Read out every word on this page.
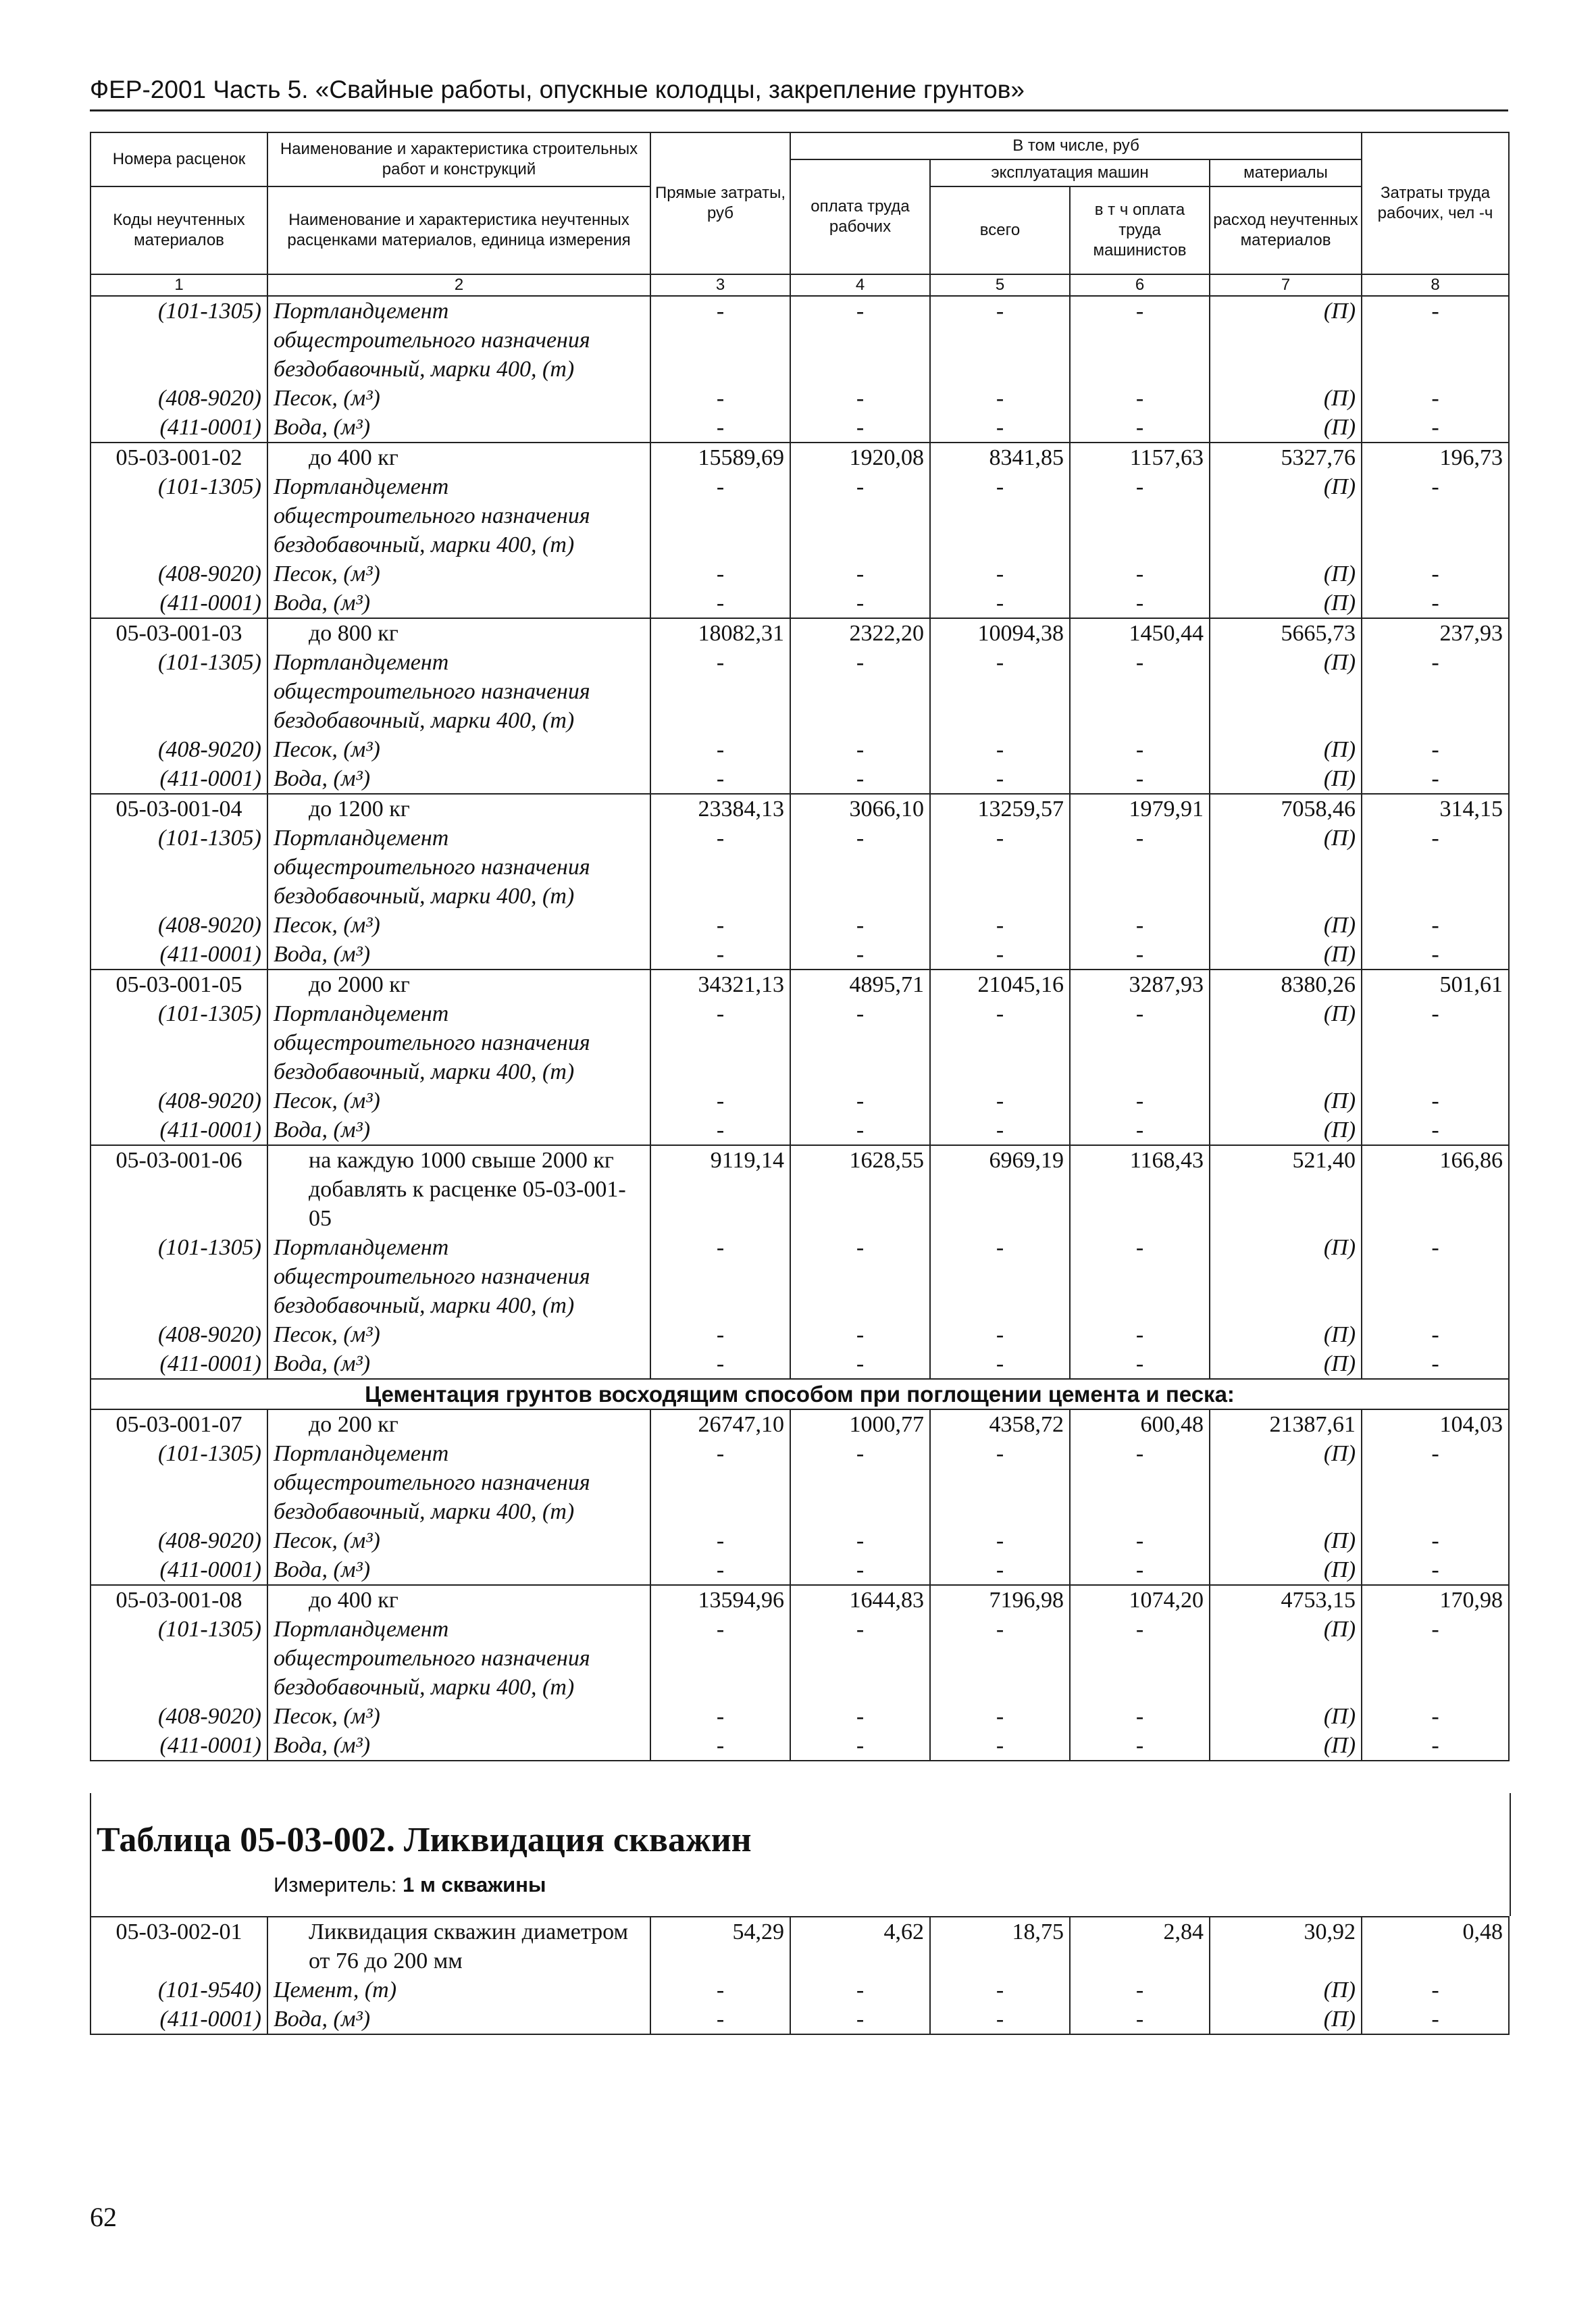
ФЕР-2001 Часть 5. «Свайные работы, опускные колодцы, закрепление грунтов»
Номера расценок	Наименование и характеристика строительных работ и конструкций	Прямые затраты, руб	В том числе, руб				Затраты труда рабочих, чел -ч
			оплата труда рабочих	эксплуатация машин		материалы	
Коды неучтенных материалов	Наименование и характеристика неучтенных расценками материалов, единица измерения			всего	в т ч оплата труда машинистов	расход неучтенных материалов	

1	2	3	4	5	6	7	8
(101-1305)	Портландцемент общестроительного назначения бездобавочный, марки 400, (т)	-	-	-	-	(П)	-
(408-9020)	Песок, (м³)	-	-	-	-	(П)	-
(411-0001)	Вода, (м³)	-	-	-	-	(П)	-
05-03-001-02	до 400 кг	15589,69	1920,08	8341,85	1157,63	5327,76	196,73
(101-1305)	Портландцемент общестроительного назначения бездобавочный, марки 400, (т)	-	-	-	-	(П)	-
(408-9020)	Песок, (м³)	-	-	-	-	(П)	-
(411-0001)	Вода, (м³)	-	-	-	-	(П)	-
05-03-001-03	до 800 кг	18082,31	2322,20	10094,38	1450,44	5665,73	237,93
(101-1305)	Портландцемент общестроительного назначения бездобавочный, марки 400, (т)	-	-	-	-	(П)	-
(408-9020)	Песок, (м³)	-	-	-	-	(П)	-
(411-0001)	Вода, (м³)	-	-	-	-	(П)	-
05-03-001-04	до 1200 кг	23384,13	3066,10	13259,57	1979,91	7058,46	314,15
(101-1305)	Портландцемент общестроительного назначения бездобавочный, марки 400, (т)	-	-	-	-	(П)	-
(408-9020)	Песок, (м³)	-	-	-	-	(П)	-
(411-0001)	Вода, (м³)	-	-	-	-	(П)	-
05-03-001-05	до 2000 кг	34321,13	4895,71	21045,16	3287,93	8380,26	501,61
(101-1305)	Портландцемент общестроительного назначения бездобавочный, марки 400, (т)	-	-	-	-	(П)	-
(408-9020)	Песок, (м³)	-	-	-	-	(П)	-
(411-0001)	Вода, (м³)	-	-	-	-	(П)	-
05-03-001-06	на каждую 1000 свыше 2000 кг добавлять к расценке 05-03-001-05	9119,14	1628,55	6969,19	1168,43	521,40	166,86
(101-1305)	Портландцемент общестроительного назначения бездобавочный, марки 400, (т)	-	-	-	-	(П)	-
(408-9020)	Песок, (м³)	-	-	-	-	(П)	-
(411-0001)	Вода, (м³)	-	-	-	-	(П)	-
Цементация грунтов восходящим способом при поглощении цемента и песка:							
05-03-001-07	до 200 кг	26747,10	1000,77	4358,72	600,48	21387,61	104,03
(101-1305)	Портландцемент общестроительного назначения бездобавочный, марки 400, (т)	-	-	-	-	(П)	-
(408-9020)	Песок, (м³)	-	-	-	-	(П)	-
(411-0001)	Вода, (м³)	-	-	-	-	(П)	-
05-03-001-08	до 400 кг	13594,96	1644,83	7196,98	1074,20	4753,15	170,98
(101-1305)	Портландцемент общестроительного назначения бездобавочный, марки 400, (т)	-	-	-	-	(П)	-
(408-9020)	Песок, (м³)	-	-	-	-	(П)	-
(411-0001)	Вода, (м³)	-	-	-	-	(П)	-
Таблица 05-03-002. Ликвидация скважин
Измеритель: 1 м скважины
05-03-002-01	Ликвидация скважин диаметром от 76 до 200 мм	54,29	4,62	18,75	2,84	30,92	0,48
(101-9540)	Цемент, (т)	-	-	-	-	(П)	-
(411-0001)	Вода, (м³)	-	-	-	-	(П)	-
62
